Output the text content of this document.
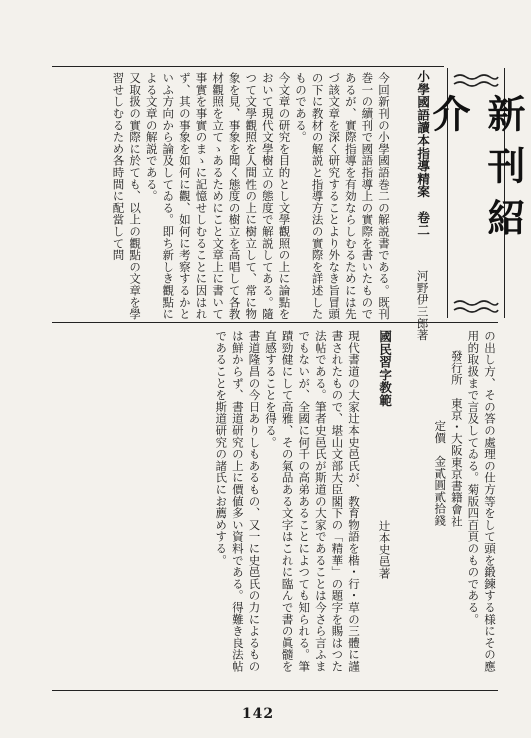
新刊紹介
小學國語讀本指導精案　卷二
河野伊三郎著

今回新刊の小學國語巻二の解説書である。既刊巻一の續刊で國語指導上の實際を書いたものであるが、實際指導を有効ならしむるためには先づ該文章を深く研究することより外なき旨冒頭の下に教材の解説と指導方法の實際を詳述したものである。

今文章の研究を目的とし文學觀照の上に論點をおいて現代文學樹立の態度で解説してある。隨つて文學觀照を人間性の上に樹立して、常に物象を見、事象を聞く態度の樹立を高唱して各教材觀照を立てゝあるためにこと文章上に書いて事實を事實のまゝに記憶せしむることに因はれず、其の事象を如何に觀、如何に考察するかといふ方向から論及してゐる。即ち新しき觀點による文章の解説である。

又取扱の實際に於ても、以上の觀點の文章を學習せしむるため各時間に配當して問

の出し方、その答の處理の仕方等をして頭を鍛鍊する様にその應用的取扱まで言及してゐる。菊版四百頁のものである。

發行所　東京・大阪東京書籍會社

定價　金貳圓貳拾錢

國民習字教範
辻本史邑著

現代書道の大家辻本史邑氏が、教育物語を楷・行・草の三體に謹書されたもので、堪山文部大臣閣下の「精華」の題字を賜はつた法帖である。筆者史邑氏が斯道の大家であることは今さら言ふまでもないが、全國に何千の高弟あることによつても知られる。筆蹟勁健にして高雅、その氣品ある文字はこれに臨んで書の眞髓を直感することを得る。

書道隆昌の今日ありしもあるもの、又一に史邑氏の力によるものは鮮からず、書道研究の上に價値多い資料である。得難き良法帖であることを斯道研究の諸氏にお薦めする。

142
